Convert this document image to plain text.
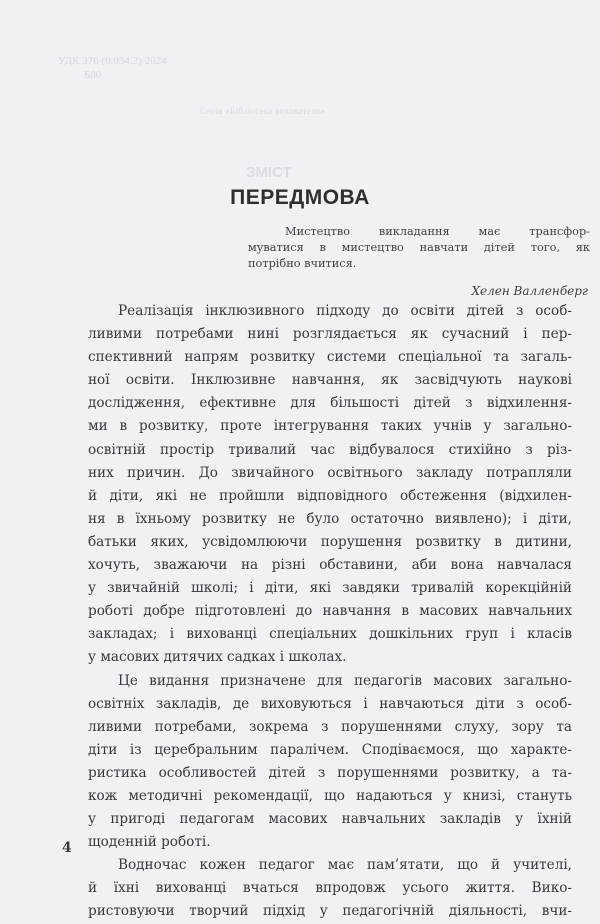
УДК 376 (0.034.2) 2024
Б80
Серія «Бібліотека вихователя»
ЗМІСТ
ПЕРЕДМОВА
Мистецтво викладання має трансфор-
муватися в мистецтво навчати дітей того, як
потрібно вчитися.
Хелен Валленберг
Реалізація інклюзивного підходу до освіти дітей з особ-
ливими потребами нині розглядається як сучасний і пер-
спективний напрям розвитку системи спеціальної та загаль-
ної освіти. Інклюзивне навчання, як засвідчують наукові
дослідження, ефективне для більшості дітей з відхилення-
ми в розвитку, проте інтегрування таких учнів у загально-
освітній простір тривалий час відбувалося стихійно з різ-
них причин. До звичайного освітнього закладу потрапляли
й діти, які не пройшли відповідного обстеження (відхилен-
ня в їхньому розвитку не було остаточно виявлено); і діти,
батьки яких, усвідомлюючи порушення розвитку в дитини,
хочуть, зважаючи на різні обставини, аби вона навчалася
у звичайній школі; і діти, які завдяки тривалій корекційній
роботі добре підготовлені до навчання в масових навчальних
закладах; і вихованці спеціальних дошкільних груп і класів
у масових дитячих садках і школах.
Це видання призначене для педагогів масових загально-
освітніх закладів, де виховуються і навчаються діти з особ-
ливими потребами, зокрема з порушеннями слуху, зору та
діти із церебральним паралічем. Сподіваємося, що характе-
ристика особливостей дітей з порушеннями розвитку, а та-
кож методичні рекомендації, що надаються у книзі, стануть
у пригоді педагогам масових навчальних закладів у їхній
щоденній роботі.
Водночас кожен педагог має пам’ятати, що й учителі,
й їхні вихованці вчаться впродовж усього життя. Вико-
ристовуючи творчий підхід у педагогічній діяльності, вчи-
4
